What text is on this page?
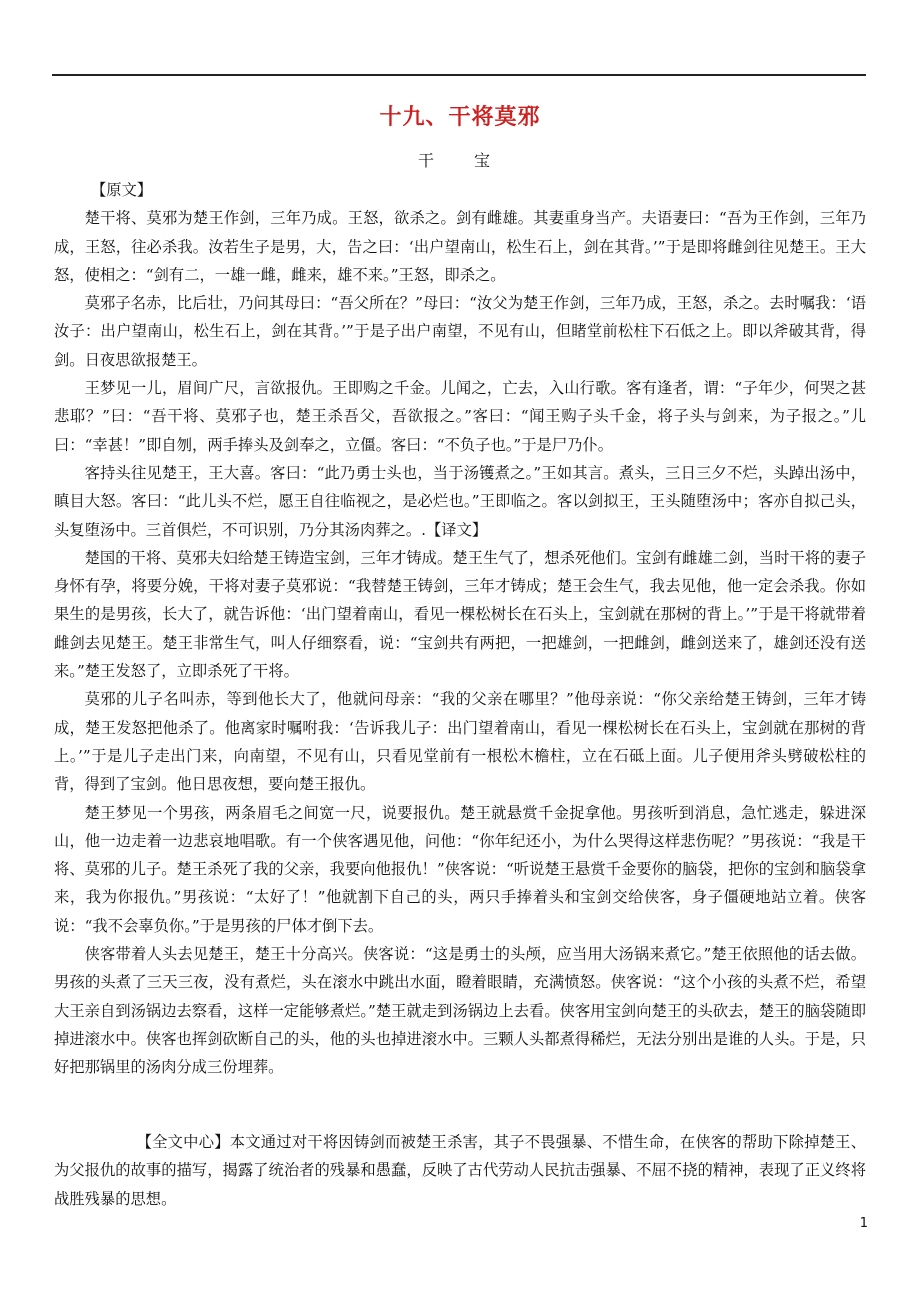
十九、干将莫邪
干　宝

【原文】

楚干将、莫邪为楚王作剑，三年乃成。王怒，欲杀之。剑有雌雄。其妻重身当产。夫语妻曰：“吾为王作剑，三年乃成，王怒，往必杀我。汝若生子是男，大，告之曰：‘出户望南山，松生石上，剑在其背。’”于是即将雌剑往见楚王。王大怒，使相之：“剑有二，一雄一雌，雌来，雄不来。”王怒，即杀之。

莫邪子名赤，比后壮，乃问其母曰：“吾父所在？”母曰：“汝父为楚王作剑，三年乃成，王怒，杀之。去时嘱我：‘语汝子：出户望南山，松生石上，剑在其背。’”于是子出户南望，不见有山，但睹堂前松柱下石低之上。即以斧破其背，得剑。日夜思欲报楚王。

王梦见一儿，眉间广尺，言欲报仇。王即购之千金。儿闻之，亡去，入山行歌。客有逢者，谓：“子年少，何哭之甚悲耶？”曰：“吾干将、莫邪子也，楚王杀吾父，吾欲报之。”客曰：“闻王购子头千金，将子头与剑来，为子报之。”儿曰：“幸甚！”即自刎，两手捧头及剑奉之，立僵。客曰：“不负子也。”于是尸乃仆。

客持头往见楚王，王大喜。客曰：“此乃勇士头也，当于汤镬煮之。”王如其言。煮头，三日三夕不烂，头踔出汤中，瞋目大怒。客曰：“此儿头不烂，愿王自往临视之，是必烂也。”王即临之。客以剑拟王，王头随堕汤中；客亦自拟己头，头复堕汤中。三首俱烂，不可识别，乃分其汤肉葬之。.【译文】

楚国的干将、莫邪夫妇给楚王铸造宝剑，三年才铸成。楚王生气了，想杀死他们。宝剑有雌雄二剑，当时干将的妻子身怀有孕，将要分娩，干将对妻子莫邪说：“我替楚王铸剑，三年才铸成；楚王会生气，我去见他，他一定会杀我。你如果生的是男孩，长大了，就告诉他：‘出门望着南山，看见一棵松树长在石头上，宝剑就在那树的背上。’”于是干将就带着雌剑去见楚王。楚王非常生气，叫人仔细察看，说：“宝剑共有两把，一把雄剑，一把雌剑，雌剑送来了，雄剑还没有送来。”楚王发怒了，立即杀死了干将。

莫邪的儿子名叫赤，等到他长大了，他就问母亲：“我的父亲在哪里？”他母亲说：“你父亲给楚王铸剑，三年才铸成，楚王发怒把他杀了。他离家时嘱咐我：‘告诉我儿子：出门望着南山，看见一棵松树长在石头上，宝剑就在那树的背上。’”于是儿子走出门来，向南望，不见有山，只看见堂前有一根松木檐柱，立在石砥上面。儿子便用斧头劈破松柱的背，得到了宝剑。他日思夜想，要向楚王报仇。

楚王梦见一个男孩，两条眉毛之间宽一尺，说要报仇。楚王就悬赏千金捉拿他。男孩听到消息，急忙逃走，躲进深山，他一边走着一边悲哀地唱歌。有一个侠客遇见他，问他：“你年纪还小，为什么哭得这样悲伤呢？”男孩说：“我是干将、莫邪的儿子。楚王杀死了我的父亲，我要向他报仇！”侠客说：“听说楚王悬赏千金要你的脑袋，把你的宝剑和脑袋拿来，我为你报仇。”男孩说：“太好了！”他就割下自己的头，两只手捧着头和宝剑交给侠客，身子僵硬地站立着。侠客说：“我不会辜负你。”于是男孩的尸体才倒下去。

侠客带着人头去见楚王，楚王十分高兴。侠客说：“这是勇士的头颅，应当用大汤锅来煮它。”楚王依照他的话去做。男孩的头煮了三天三夜，没有煮烂，头在滚水中跳出水面，瞪着眼睛，充满愤怒。侠客说：“这个小孩的头煮不烂，希望大王亲自到汤锅边去察看，这样一定能够煮烂。”楚王就走到汤锅边上去看。侠客用宝剑向楚王的头砍去，楚王的脑袋随即掉进滚水中。侠客也挥剑砍断自己的头，他的头也掉进滚水中。三颗人头都煮得稀烂，无法分别出是谁的人头。于是，只好把那锅里的汤肉分成三份埋葬。

【全文中心】本文通过对干将因铸剑而被楚王杀害，其子不畏强暴、不惜生命，在侠客的帮助下除掉楚王、为父报仇的故事的描写，揭露了统治者的残暴和愚蠢，反映了古代劳动人民抗击强暴、不屈不挠的精神，表现了正义终将战胜残暴的思想。

1
